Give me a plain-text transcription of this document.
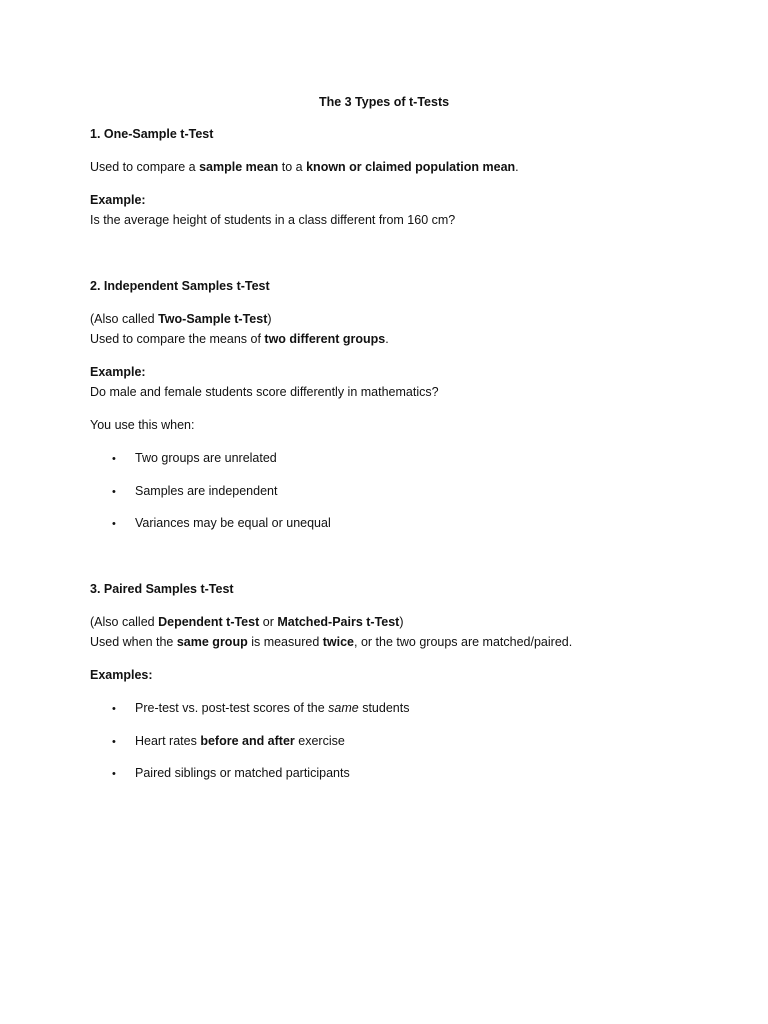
The 3 Types of t-Tests
1. One-Sample t-Test
Used to compare a sample mean to a known or claimed population mean.
Example:
Is the average height of students in a class different from 160 cm?
2. Independent Samples t-Test
(Also called Two-Sample t-Test)
Used to compare the means of two different groups.
Example:
Do male and female students score differently in mathematics?
You use this when:
• Two groups are unrelated
• Samples are independent
• Variances may be equal or unequal
3. Paired Samples t-Test
(Also called Dependent t-Test or Matched-Pairs t-Test)
Used when the same group is measured twice, or the two groups are matched/paired.
Examples:
• Pre-test vs. post-test scores of the same students
• Heart rates before and after exercise
• Paired siblings or matched participants
